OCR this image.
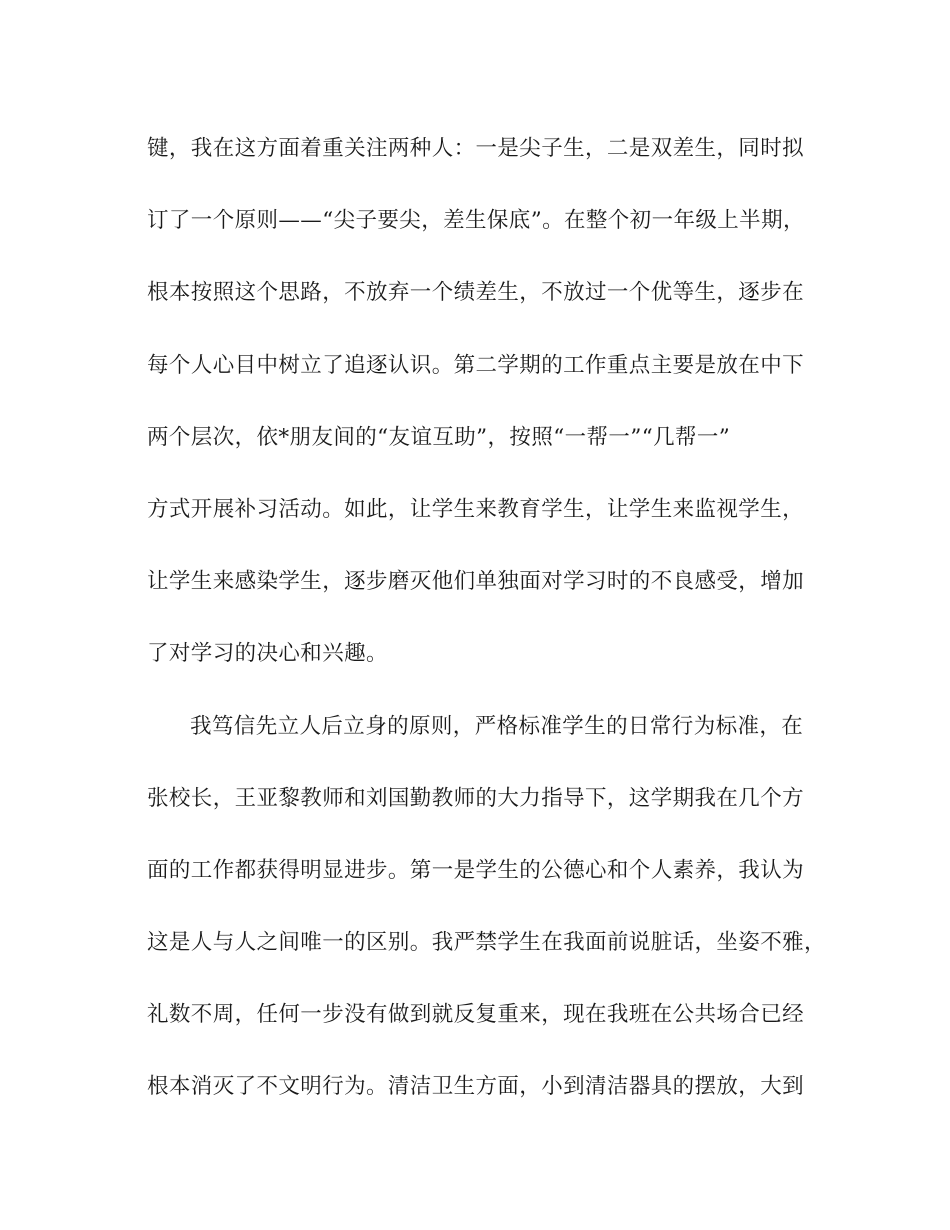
键，我在这方面着重关注两种人：一是尖子生，二是双差生，同时拟
订了一个原则——“尖子要尖，差生保底”。在整个初一年级上半期，
根本按照这个思路，不放弃一个绩差生，不放过一个优等生，逐步在
每个人心目中树立了追逐认识。第二学期的工作重点主要是放在中下
两个层次，依*朋友间的“友谊互助”，按照“一帮一”“几帮一”
方式开展补习活动。如此，让学生来教育学生，让学生来监视学生，
让学生来感染学生，逐步磨灭他们单独面对学习时的不良感受，增加
了对学习的决心和兴趣。
我笃信先立人后立身的原则，严格标准学生的日常行为标准，在
张校长，王亚黎教师和刘国勤教师的大力指导下，这学期我在几个方
面的工作都获得明显进步。第一是学生的公德心和个人素养，我认为
这是人与人之间唯一的区别。我严禁学生在我面前说脏话，坐姿不雅，
礼数不周，任何一步没有做到就反复重来，现在我班在公共场合已经
根本消灭了不文明行为。清洁卫生方面，小到清洁器具的摆放，大到
